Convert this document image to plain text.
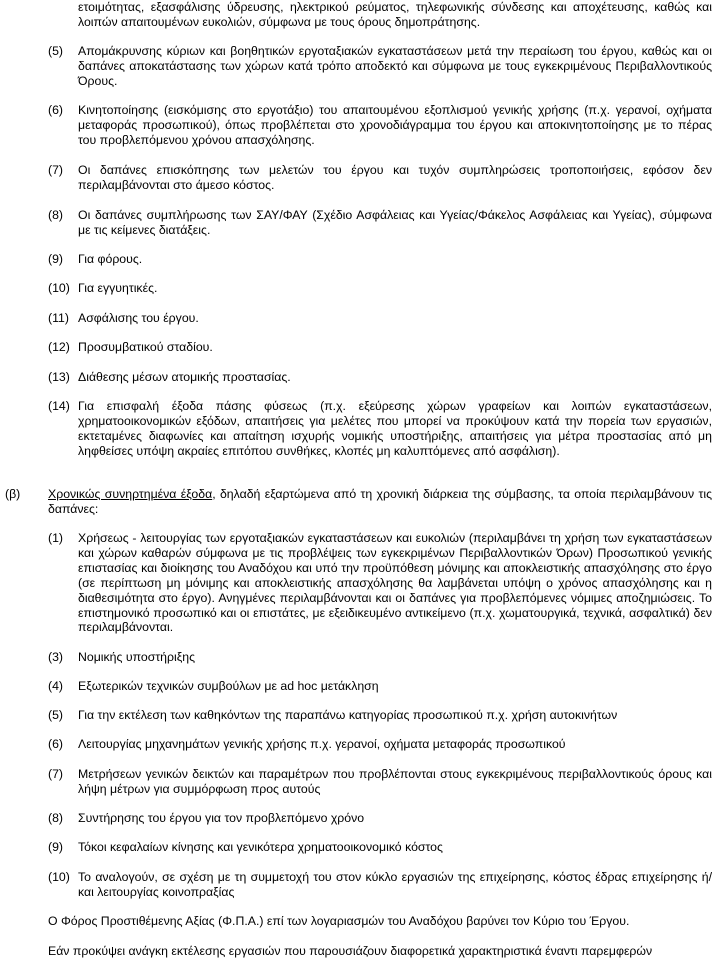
ετοιμότητας, εξασφάλισης ύδρευσης, ηλεκτρικού ρεύματος, τηλεφωνικής σύνδεσης και αποχέτευσης, καθώς και λοιπών απαιτουμένων ευκολιών, σύμφωνα με τους όρους δημοπράτησης.
(5)	Απομάκρυνσης κύριων και βοηθητικών εργοταξιακών εγκαταστάσεων μετά την περαίωση του έργου, καθώς και οι δαπάνες αποκατάστασης των χώρων κατά τρόπο αποδεκτό και σύμφωνα με τους εγκεκριμένους Περιβαλλοντικούς Όρους.
(6)	Κινητοποίησης (εισκόμισης στο εργοτάξιο) του απαιτουμένου εξοπλισμού γενικής χρήσης (π.χ. γερανοί, οχήματα μεταφοράς προσωπικού), όπως προβλέπεται στο χρονοδιάγραμμα του έργου και αποκινητοποίησης με το πέρας του προβλεπόμενου χρόνου απασχόλησης.
(7)	Οι δαπάνες επισκόπησης των μελετών του έργου και τυχόν συμπληρώσεις τροποποιήσεις, εφόσον δεν περιλαμβάνονται στο άμεσο κόστος.
(8)	Οι δαπάνες συμπλήρωσης των ΣΑΥ/ΦΑΥ (Σχέδιο Ασφάλειας και Υγείας/Φάκελος Ασφάλειας και Υγείας), σύμφωνα με τις κείμενες διατάξεις.
(9)	Για φόρους.
(10) Για εγγυητικές.
(11) Ασφάλισης του έργου.
(12) Προσυμβατικού σταδίου.
(13) Διάθεσης μέσων ατομικής προστασίας.
(14) Για επισφαλή έξοδα πάσης φύσεως (π.χ. εξεύρεσης χώρων γραφείων και λοιπών εγκαταστάσεων, χρηματοοικονομικών εξόδων, απαιτήσεις για μελέτες που μπορεί να προκύψουν κατά την πορεία των εργασιών, εκτεταμένες διαφωνίες και απαίτηση ισχυρής νομικής υποστήριξης, απαιτήσεις για μέτρα προστασίας από μη ληφθείσες υπόψη ακραίες επιτόπου συνθήκες, κλοπές μη καλυπτόμενες από ασφάλιση).
(β)	Χρονικώς συνηρτημένα έξοδα, δηλαδή εξαρτώμενα από τη χρονική διάρκεια της σύμβασης, τα οποία περιλαμβάνουν τις δαπάνες:
(1)	Χρήσεως - λειτουργίας των εργοταξιακών εγκαταστάσεων και ευκολιών (περιλαμβάνει τη χρήση των εγκαταστάσεων και χώρων καθαρών σύμφωνα με τις προβλέψεις των εγκεκριμένων Περιβαλλοντικών Όρων) Προσωπικού γενικής επιστασίας και διοίκησης του Αναδόχου και υπό την προϋπόθεση μόνιμης και αποκλειστικής απασχόλησης στο έργο (σε περίπτωση μη μόνιμης και αποκλειστικής απασχόλησης θα λαμβάνεται υπόψη ο χρόνος απασχόλησης και η διαθεσιμότητα στο έργο). Ανηγμένες περιλαμβάνονται και οι δαπάνες για προβλεπόμενες νόμιμες αποζημιώσεις. Το επιστημονικό προσωπικό και οι επιστάτες, με εξειδικευμένο αντικείμενο (π.χ. χωματουργικά, τεχνικά, ασφαλτικά) δεν περιλαμβάνονται.
(3)	Νομικής υποστήριξης
(4)	Εξωτερικών τεχνικών συμβούλων με ad hoc μετάκληση
(5)	Για την εκτέλεση των καθηκόντων της παραπάνω κατηγορίας προσωπικού π.χ. χρήση αυτοκινήτων
(6)	Λειτουργίας μηχανημάτων γενικής χρήσης π.χ. γερανοί, οχήματα μεταφοράς προσωπικού
(7)	Μετρήσεων γενικών δεικτών και παραμέτρων που προβλέπονται στους εγκεκριμένους περιβαλλοντικούς όρους και λήψη μέτρων για συμμόρφωση προς αυτούς
(8)	Συντήρησης του έργου για τον προβλεπόμενο χρόνο
(9)	Τόκοι κεφαλαίων κίνησης και γενικότερα χρηματοοικονομικό κόστος
(10) Το αναλογούν, σε σχέση με τη συμμετοχή του στον κύκλο εργασιών της επιχείρησης, κόστος έδρας επιχείρησης ή/και λειτουργίας κοινοπραξίας
Ο Φόρος Προστιθέμενης Αξίας (Φ.Π.Α.) επί των λογαριασμών του Αναδόχου βαρύνει τον Κύριο του Έργου.
Εάν προκύψει ανάγκη εκτέλεσης εργασιών που παρουσιάζουν διαφορετικά χαρακτηριστικά έναντι παρεμφερών
